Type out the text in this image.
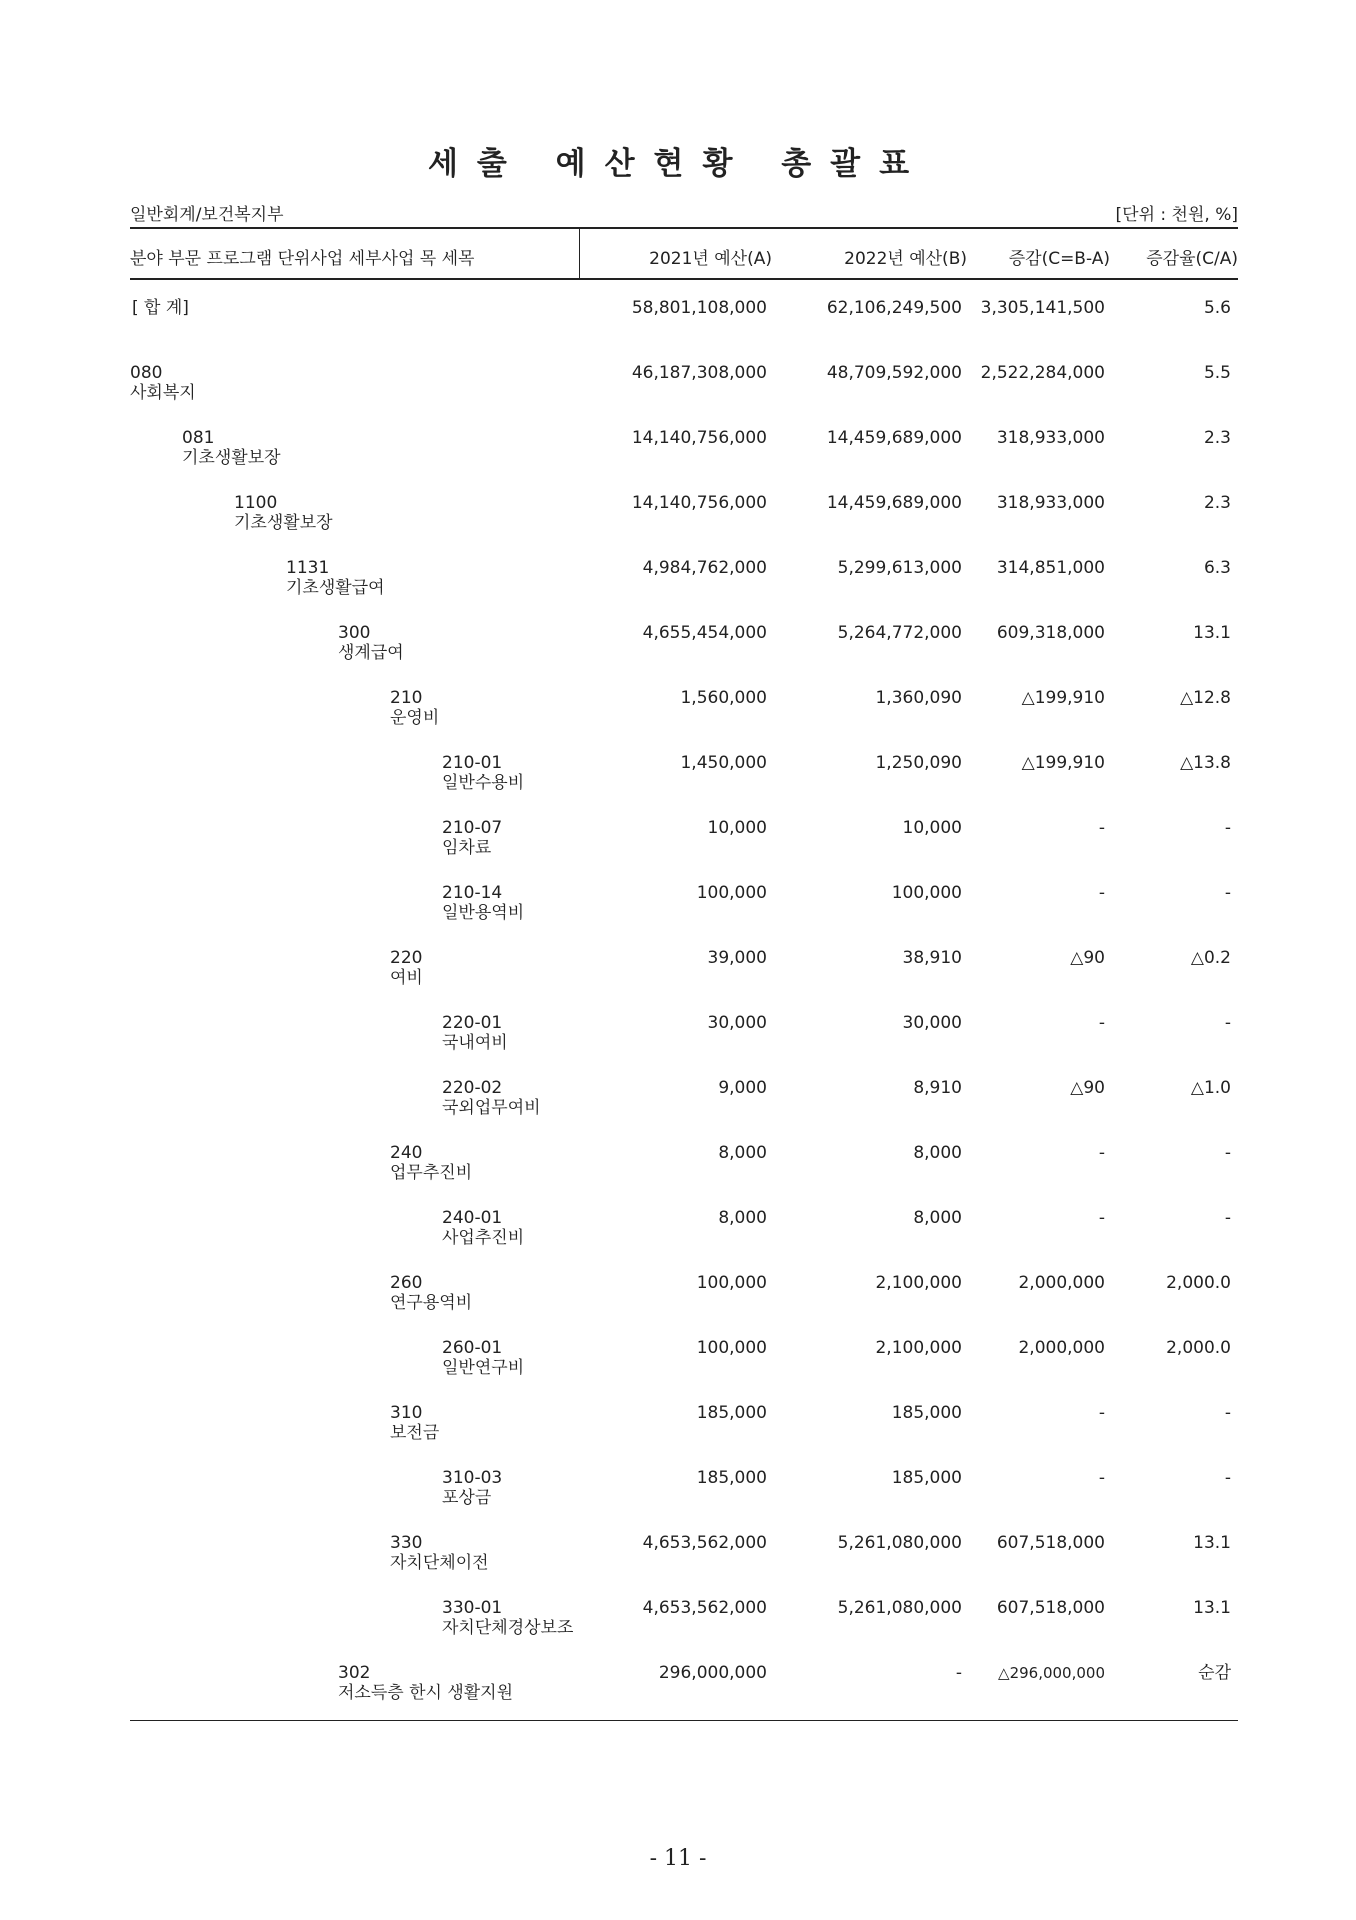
세출 예산현황 총괄표
일반회계/보건복지부	[단위 : 천원, %]
분야 부문 프로그램 단위사업 세부사업 목 세목	2021년 예산(A)	2022년 예산(B) 증감(C=B-A) 증감율(C/A)
[ 합 계]	58,801,108,000	62,106,249,500 3,305,141,500	5.6
080
사회복지
46,187,308,000	48,709,592,000 2,522,284,000	5.5
081
기초생활보장
14,140,756,000	14,459,689,000 318,933,000	2.3
1100
기초생활보장
14,140,756,000	14,459,689,000 318,933,000	2.3
1131
기초생활급여
4,984,762,000	5,299,613,000 314,851,000	6.3
300
생계급여
4,655,454,000	5,264,772,000 609,318,000	13.1
210
운영비
1,560,000	1,360,090	△199,910	△12.8
210-01
일반수용비
1,450,000	1,250,090	△199,910	△13.8
210-07
임차료
10,000	10,000	-	-
210-14
일반용역비
100,000	100,000	-	-
220
여비
39,000	38,910	△90	△0.2
220-01
국내여비
30,000	30,000	-	-
220-02
국외업무여비
9,000	8,910	△90	△1.0
240
업무추진비
8,000	8,000	-	-
240-01
사업추진비
8,000	8,000	-	-
260
연구용역비
100,000	2,100,000	2,000,000	2,000.0
260-01
일반연구비
100,000	2,100,000	2,000,000	2,000.0
310
보전금
185,000	185,000	-	-
310-03
포상금
185,000	185,000	-	-
330
자치단체이전
4,653,562,000	5,261,080,000 607,518,000	13.1
330-01
자치단체경상보조
4,653,562,000	5,261,080,000 607,518,000	13.1
302
저소득층 한시 생활지원
296,000,000	- △296,000,000	순감
- 11 -
